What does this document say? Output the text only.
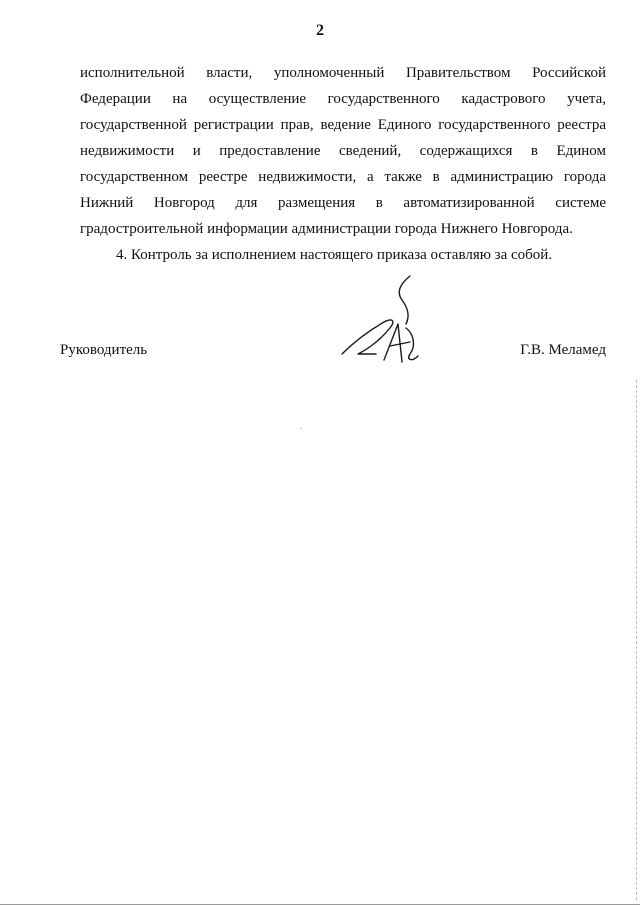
2

исполнительной власти, уполномоченный Правительством Российской Федерации на осуществление государственного кадастрового учета, государственной регистрации прав, ведение Единого государственного реестра недвижимости и предоставление сведений, содержащихся в Едином государственном реестре недвижимости, а также в администрацию города Нижний Новгород для размещения в автоматизированной системе градостроительной информации администрации города Нижнего Новгорода.

4. Контроль за исполнением настоящего приказа оставляю за собой.

Руководитель	Г.В. Меламед
